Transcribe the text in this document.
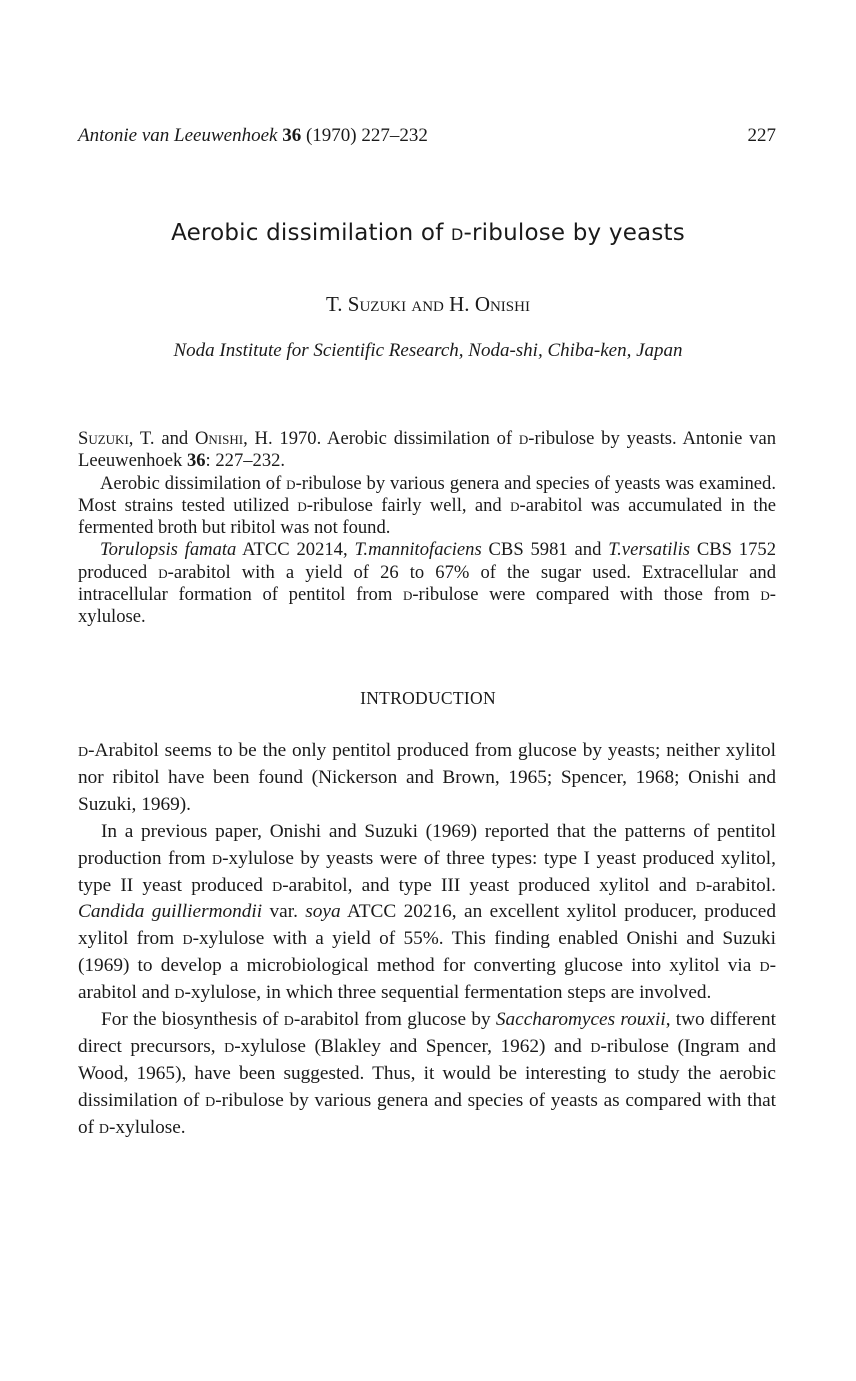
Antonie van Leeuwenhoek 36 (1970) 227–232	227
Aerobic dissimilation of d-ribulose by yeasts
T. Suzuki and H. Onishi
Noda Institute for Scientific Research, Noda-shi, Chiba-ken, Japan

Suzuki, T. and Onishi, H. 1970. Aerobic dissimilation of d-ribulose by yeasts. Antonie van Leeuwenhoek 36: 227–232.

Aerobic dissimilation of d-ribulose by various genera and species of yeasts was examined. Most strains tested utilized d-ribulose fairly well, and d-arabitol was accumulated in the fermented broth but ribitol was not found.

Torulopsis famata ATCC 20214, T.mannitofaciens CBS 5981 and T.versatilis CBS 1752 produced d-arabitol with a yield of 26 to 67% of the sugar used. Extracellular and intracellular formation of pentitol from d-ribulose were compared with those from d-xylulose.

INTRODUCTION

d-Arabitol seems to be the only pentitol produced from glucose by yeasts; neither xylitol nor ribitol have been found (Nickerson and Brown, 1965; Spencer, 1968; Onishi and Suzuki, 1969).

In a previous paper, Onishi and Suzuki (1969) reported that the patterns of pentitol production from d-xylulose by yeasts were of three types: type I yeast produced xylitol, type II yeast produced d-arabitol, and type III yeast produced xylitol and d-arabitol. Candida guilliermondii var. soya ATCC 20216, an excellent xylitol producer, produced xylitol from d-xylulose with a yield of 55%. This finding enabled Onishi and Suzuki (1969) to develop a microbiological method for converting glucose into xylitol via d-arabitol and d-xylulose, in which three sequential fermentation steps are involved.

For the biosynthesis of d-arabitol from glucose by Saccharomyces rouxii, two different direct precursors, d-xylulose (Blakley and Spencer, 1962) and d-ribulose (Ingram and Wood, 1965), have been suggested. Thus, it would be interesting to study the aerobic dissimilation of d-ribulose by various genera and species of yeasts as compared with that of d-xylulose.
